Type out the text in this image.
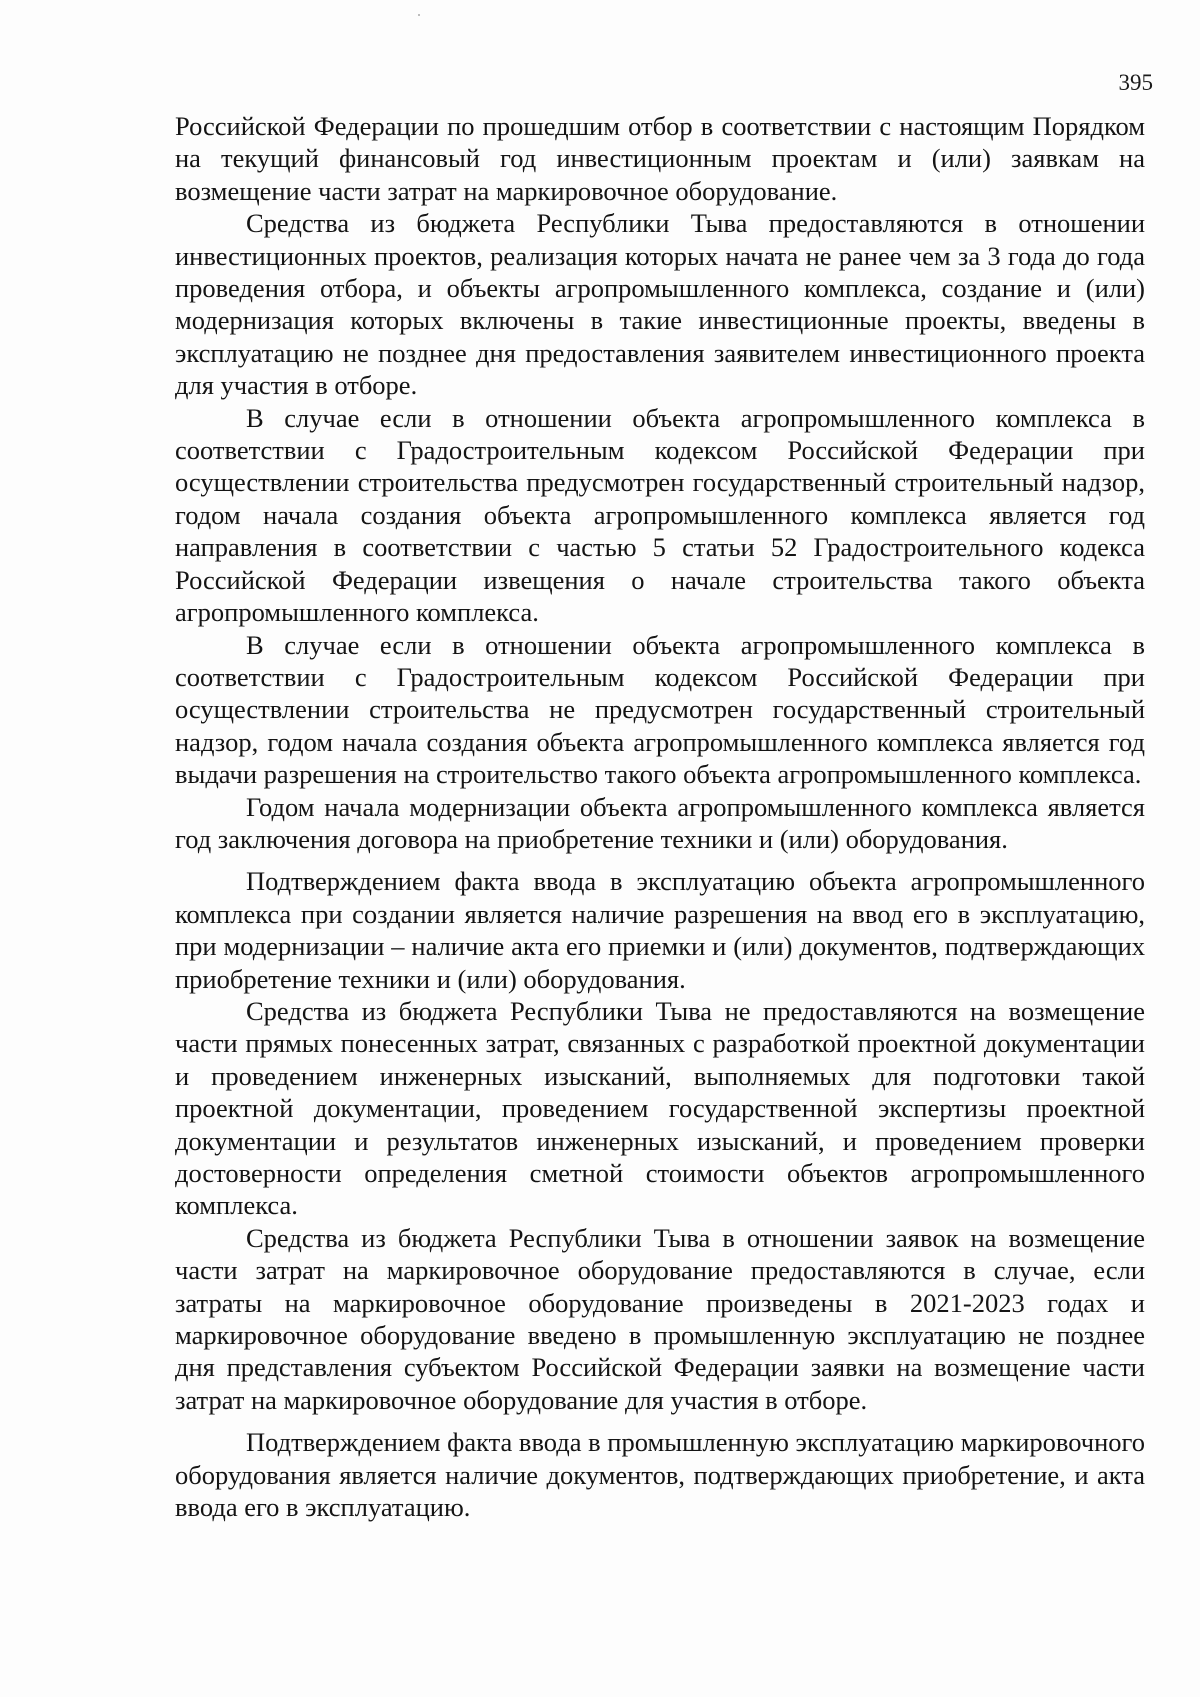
395

Российской Федерации по прошедшим отбор в соответствии с настоящим Порядком на текущий финансовый год инвестиционным проектам и (или) заявкам на возмещение части затрат на маркировочное оборудование.

Средства из бюджета Республики Тыва предоставляются в отношении инвестиционных проектов, реализация которых начата не ранее чем за 3 года до года проведения отбора, и объекты агропромышленного комплекса, создание и (или) модернизация которых включены в такие инвестиционные проекты, введены в эксплуатацию не позднее дня предоставления заявителем инвестиционного проекта для участия в отборе.

В случае если в отношении объекта агропромышленного комплекса в соответствии с Градостроительным кодексом Российской Федерации при осуществлении строительства предусмотрен государственный строительный надзор, годом начала создания объекта агропромышленного комплекса является год направления в соответствии с частью 5 статьи 52 Градостроительного кодекса Российской Федерации извещения о начале строительства такого объекта агропромышленного комплекса.

В случае если в отношении объекта агропромышленного комплекса в соответствии с Градостроительным кодексом Российской Федерации при осуществлении строительства не предусмотрен государственный строительный надзор, годом начала создания объекта агропромышленного комплекса является год выдачи разрешения на строительство такого объекта агропромышленного комплекса.

Годом начала модернизации объекта агропромышленного комплекса является год заключения договора на приобретение техники и (или) оборудования.

Подтверждением факта ввода в эксплуатацию объекта агропромышленного комплекса при создании является наличие разрешения на ввод его в эксплуатацию, при модернизации – наличие акта его приемки и (или) документов, подтверждающих приобретение техники и (или) оборудования.

Средства из бюджета Республики Тыва не предоставляются на возмещение части прямых понесенных затрат, связанных с разработкой проектной документации и проведением инженерных изысканий, выполняемых для подготовки такой проектной документации, проведением государственной экспертизы проектной документации и результатов инженерных изысканий, и проведением проверки достоверности определения сметной стоимости объектов агропромышленного комплекса.

Средства из бюджета Республики Тыва в отношении заявок на возмещение части затрат на маркировочное оборудование предоставляются в случае, если затраты на маркировочное оборудование произведены в 2021-2023 годах и маркировочное оборудование введено в промышленную эксплуатацию не позднее дня представления субъектом Российской Федерации заявки на возмещение части затрат на маркировочное оборудование для участия в отборе.

Подтверждением факта ввода в промышленную эксплуатацию маркировочного оборудования является наличие документов, подтверждающих приобретение, и акта ввода его в эксплуатацию.
